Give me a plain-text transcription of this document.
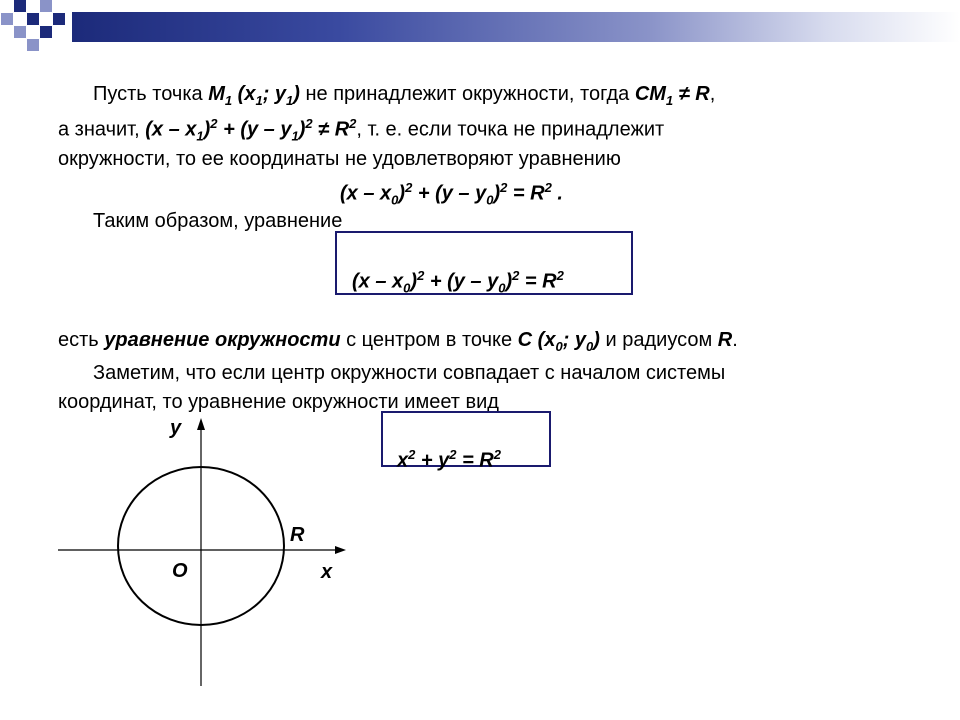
Пусть точка $M_1$ ($x_1$; $y_1$) не принадлежит окружности, тогда $CM_1 \ne R$,
а значит, $(x - x_1)^2 + (y - y_1)^2 \ne R^2$, т. е. если точка не принадлежит
окружности, то ее координаты не удовлетворяют уравнению
$(x - x_0)^2 + (y - y_0)^2 = R^2$ .
Таким образом, уравнение
$(x - x_0)^2 + (y - y_0)^2 = R^2$
есть уравнение окружности с центром в точке C ($x_0$; $y_0$) и радиусом R.
Заметим, что если центр окружности совпадает с началом системы
координат, то уравнение окружности имеет вид
$x^2 + y^2 = R^2$
y
x
O
R
